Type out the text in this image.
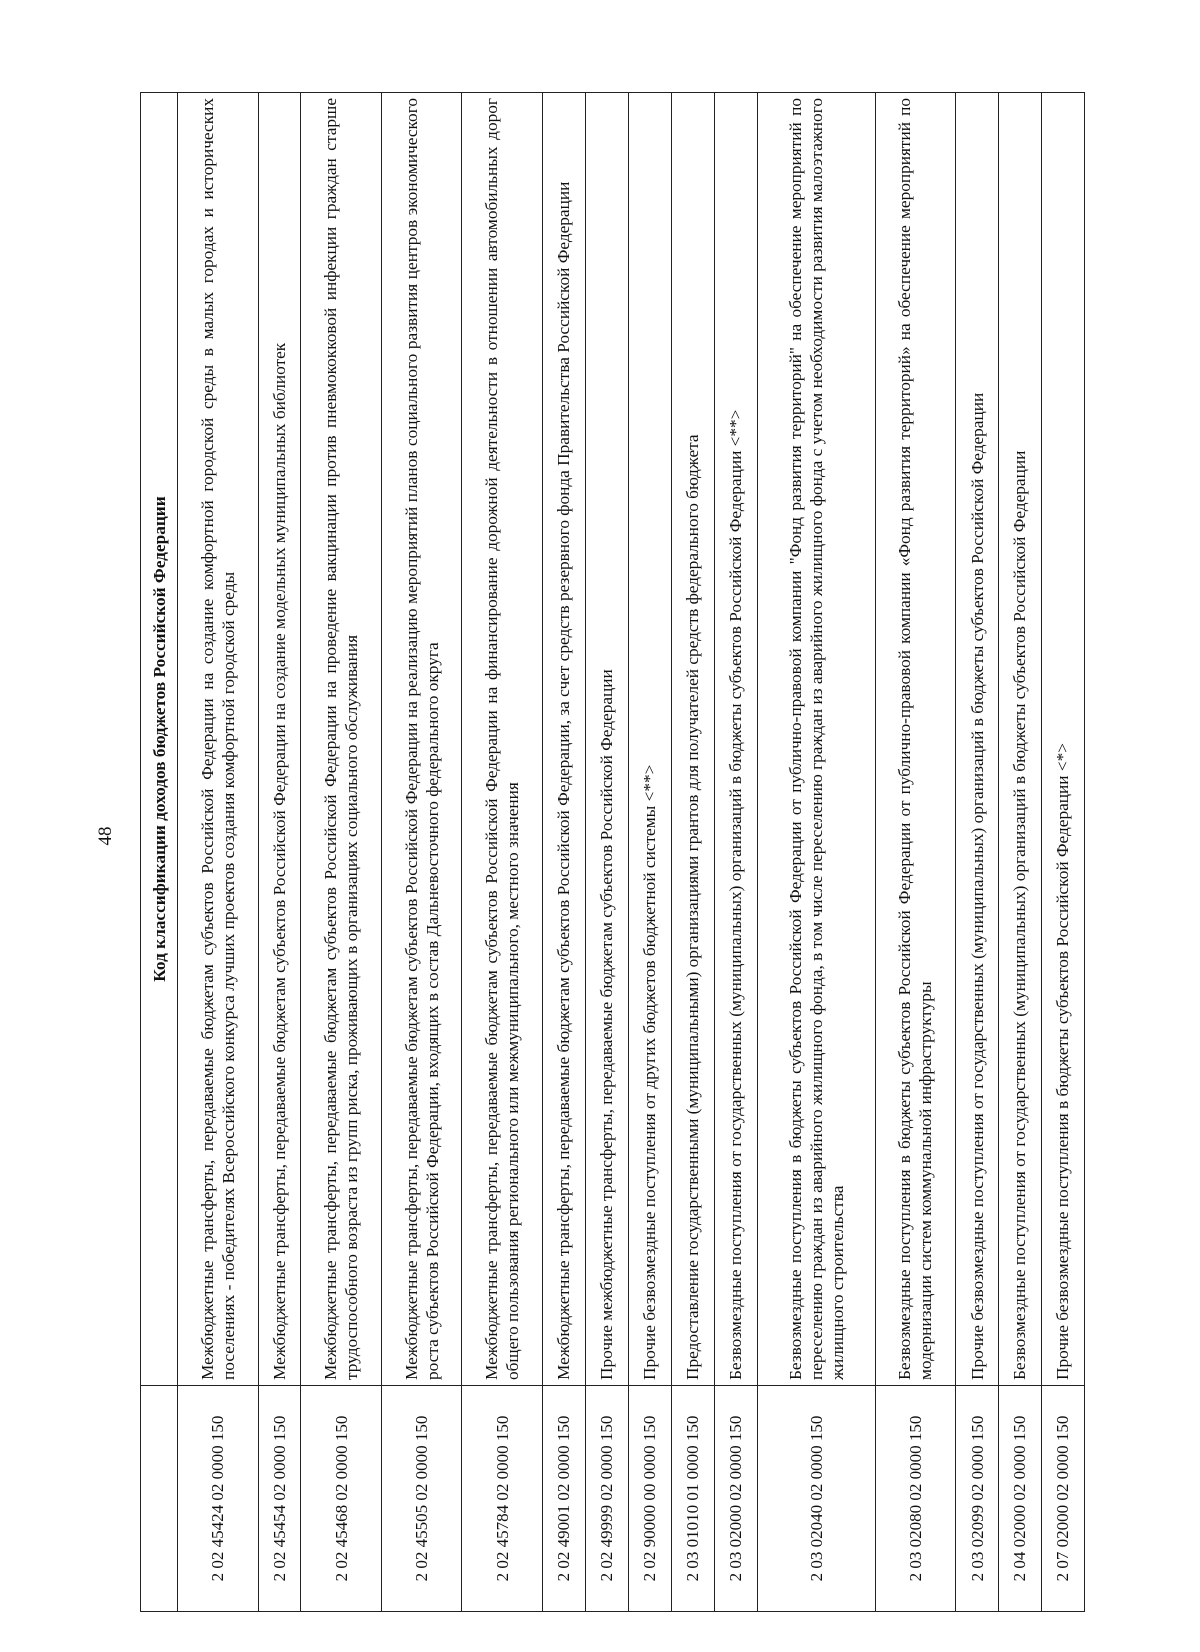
48
	Код классификации доходов бюджетов Российской Федерации
2 02 45424 02 0000 150	Межбюджетные трансферты, передаваемые бюджетам субъектов Российской Федерации на создание комфортной городской среды в малых городах и исторических поселениях - победителях Всероссийского конкурса лучших проектов создания комфортной городской среды
2 02 45454 02 0000 150	Межбюджетные трансферты, передаваемые бюджетам субъектов Российской Федерации на создание модельных муниципальных библиотек
2 02 45468 02 0000 150	Межбюджетные трансферты, передаваемые бюджетам субъектов Российской Федерации на проведение вакцинации против пневмококковой инфекции граждан старше трудоспособного возраста из групп риска, проживающих в организациях социального обслуживания
2 02 45505 02 0000 150	Межбюджетные трансферты, передаваемые бюджетам субъектов Российской Федерации на реализацию мероприятий планов социального развития центров экономического роста субъектов Российской Федерации, входящих в состав Дальневосточного федерального округа
2 02 45784 02 0000 150	Межбюджетные трансферты, передаваемые бюджетам субъектов Российской Федерации на финансирование дорожной деятельности в отношении автомобильных дорог общего пользования регионального или межмуниципального, местного значения
2 02 49001 02 0000 150	Межбюджетные трансферты, передаваемые бюджетам субъектов Российской Федерации, за счет средств резервного фонда Правительства Российской Федерации
2 02 49999 02 0000 150	Прочие межбюджетные трансферты, передаваемые бюджетам субъектов Российской Федерации
2 02 90000 00 0000 150	Прочие безвозмездные поступления от других бюджетов бюджетной системы <**>
2 03 01010 01 0000 150	Предоставление государственными (муниципальными) организациями грантов для получателей средств федерального бюджета
2 03 02000 02 0000 150	Безвозмездные поступления от государственных (муниципальных) организаций в бюджеты субъектов Российской Федерации <**>
2 03 02040 02 0000 150	Безвозмездные поступления в бюджеты субъектов Российской Федерации от публично-правовой компании "Фонд развития территорий" на обеспечение мероприятий по переселению граждан из аварийного жилищного фонда, в том числе переселению граждан из аварийного жилищного фонда с учетом необходимости развития малоэтажного жилищного строительства
2 03 02080 02 0000 150	Безвозмездные поступления в бюджеты субъектов Российской Федерации от публично-правовой компании «Фонд развития территорий» на обеспечение мероприятий по модернизации систем коммунальной инфраструктуры
2 03 02099 02 0000 150	Прочие безвозмездные поступления от государственных (муниципальных) организаций в бюджеты субъектов Российской Федерации
2 04 02000 02 0000 150	Безвозмездные поступления от государственных (муниципальных) организаций в бюджеты субъектов Российской Федерации
2 07 02000 02 0000 150	Прочие безвозмездные поступления в бюджеты субъектов Российской Федерации <*>
